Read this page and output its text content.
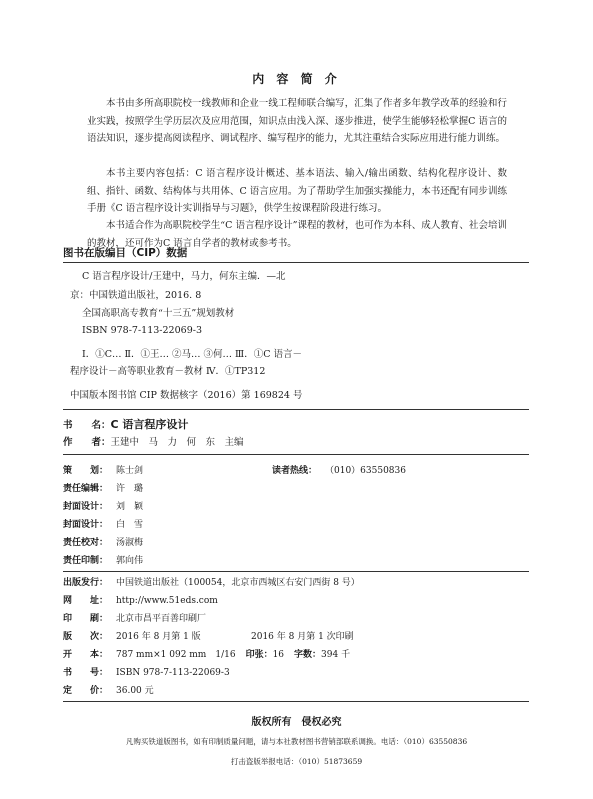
内 容 简 介

本书由多所高职院校一线教师和企业一线工程师联合编写，汇集了作者多年教学改革的经验和行业实践，按照学生学历层次及应用范围，知识点由浅入深、逐步推进，使学生能够轻松掌握C 语言的语法知识，逐步提高阅读程序、调试程序、编写程序的能力，尤其注重结合实际应用进行能力训练。

本书主要内容包括：C 语言程序设计概述、基本语法、输入/输出函数、结构化程序设计、数组、指针、函数、结构体与共用体、C 语言应用。为了帮助学生加强实操能力，本书还配有同步训练手册《C 语言程序设计实训指导与习题》，供学生按课程阶段进行练习。

本书适合作为高职院校学生“C 语言程序设计”课程的教材，也可作为本科、成人教育、社会培训的教材，还可作为C 语言自学者的教材或参考书。

图书在版编目（CIP）数据
C 语言程序设计/王建中，马力，何东主编．—北
京：中国铁道出版社，2016. 8
全国高职高专教育“十三五”规划教材
ISBN 978-7-113-22069-3
Ⅰ．①C… Ⅱ．①王… ②马… ③何… Ⅲ．①C 语言－
程序设计－高等职业教育－教材 Ⅳ．①TP312
中国版本图书馆 CIP 数据核字（2016）第 169824 号
书　　名：C 语言程序设计
作　　者：王建中　马　力　何　东　主编
策　　划： 陈士剑	读者热线： （010）63550836
责任编辑： 许　璐
封面设计： 刘　颖
封面设计： 白　雪
责任校对： 汤淑梅
责任印制： 郭向伟
出版发行： 中国铁道出版社（100054，北京市西城区右安门西街 8 号）
网　　址： http://www.51eds.com
印　　刷： 北京市昌平百善印刷厂
版　　次： 2016 年 8 月第 1 版	2016 年 8 月第 1 次印刷
开　　本： 787 mm×1 092 mm　1/16 印张：16 字数：394 千
书　　号： ISBN 978-7-113-22069-3
定　　价： 36.00 元
版权所有　侵权必究
凡购买铁道版图书，如有印制质量问题，请与本社教材图书营销部联系调换。电话：（010）63550836
打击盗版举报电话：（010）51873659
